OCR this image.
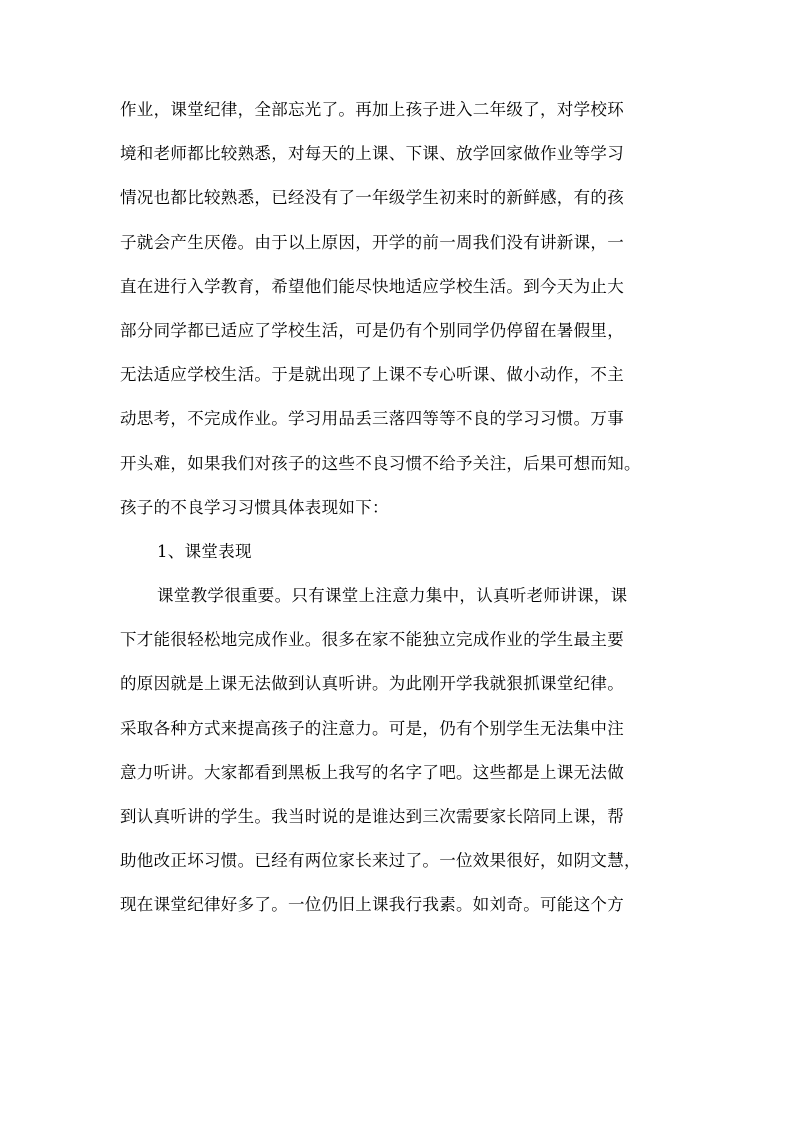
作业，课堂纪律，全部忘光了。再加上孩子进入二年级了，对学校环
境和老师都比较熟悉，对每天的上课、下课、放学回家做作业等学习
情况也都比较熟悉，已经没有了一年级学生初来时的新鲜感，有的孩
子就会产生厌倦。由于以上原因，开学的前一周我们没有讲新课，一
直在进行入学教育，希望他们能尽快地适应学校生活。到今天为止大
部分同学都已适应了学校生活，可是仍有个别同学仍停留在暑假里，
无法适应学校生活。于是就出现了上课不专心听课、做小动作，不主
动思考，不完成作业。学习用品丢三落四等等不良的学习习惯。万事
开头难，如果我们对孩子的这些不良习惯不给予关注，后果可想而知。
孩子的不良学习习惯具体表现如下：
1、课堂表现
课堂教学很重要。只有课堂上注意力集中，认真听老师讲课，课
下才能很轻松地完成作业。很多在家不能独立完成作业的学生最主要
的原因就是上课无法做到认真听讲。为此刚开学我就狠抓课堂纪律。
采取各种方式来提高孩子的注意力。可是，仍有个别学生无法集中注
意力听讲。大家都看到黑板上我写的名字了吧。这些都是上课无法做
到认真听讲的学生。我当时说的是谁达到三次需要家长陪同上课，帮
助他改正坏习惯。已经有两位家长来过了。一位效果很好，如阴文慧，
现在课堂纪律好多了。一位仍旧上课我行我素。如刘奇。可能这个方
